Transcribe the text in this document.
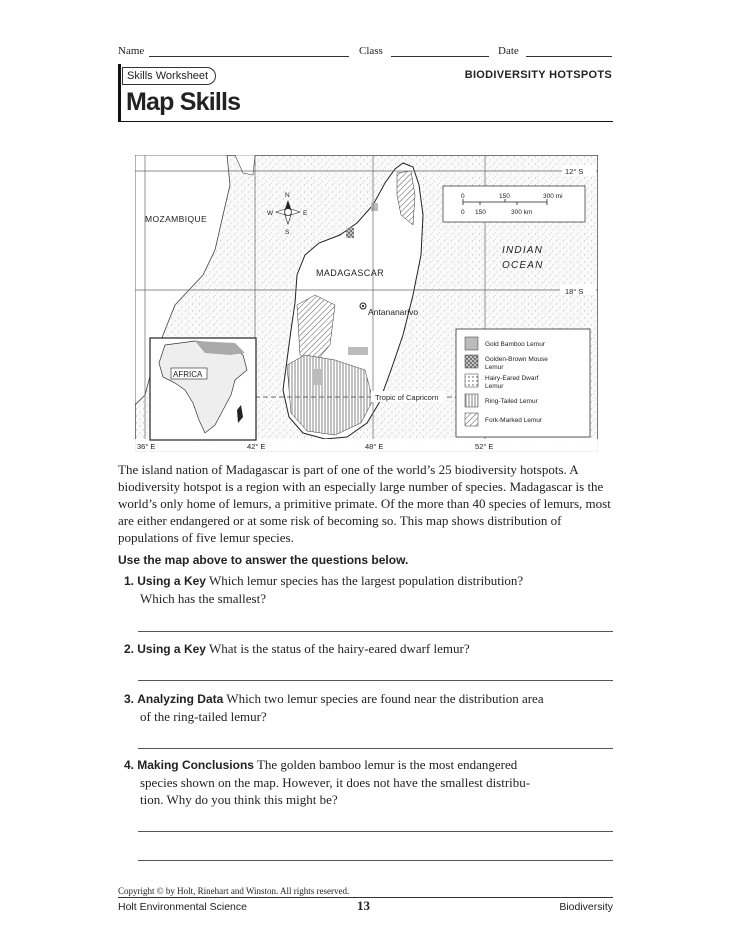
Name	Class	Date
Skills Worksheet	BIODIVERSITY HOTSPOTS
Map Skills
MOZAMBIQUE
MADAGASCAR
INDIAN
OCEAN
Antananarivo
Tropic of Capricorn
12° S
18° S
36° E	42° E	48° E	52° E
N
S
W	E
0	150	300 mi
0 150	300 km
AFRICA
Gold Bamboo Lemur
Golden-Brown Mouse
Lemur
Hairy-Eared Dwarf
Lemur
Ring-Tailed Lemur
Fork-Marked Lemur
The island nation of Madagascar is part of one of the world’s 25 biodiversity hotspots. A biodiversity hotspot is a region with an especially large number of species. Madagascar is the world’s only home of lemurs, a primitive primate. Of the more than 40 species of lemurs, most are either endangered or at some risk of becoming so. This map shows distribution of populations of five lemur species.
Use the map above to answer the questions below.
1. Using a Key Which lemur species has the largest population distribution?
Which has the smallest?
2. Using a Key What is the status of the hairy-eared dwarf lemur?
3. Analyzing Data Which two lemur species are found near the distribution area
of the ring-tailed lemur?
4. Making Conclusions The golden bamboo lemur is the most endangered
species shown on the map. However, it does not have the smallest distribu-
tion. Why do you think this might be?
Copyright © by Holt, Rinehart and Winston. All rights reserved.
Holt Environmental Science	13	Biodiversity
